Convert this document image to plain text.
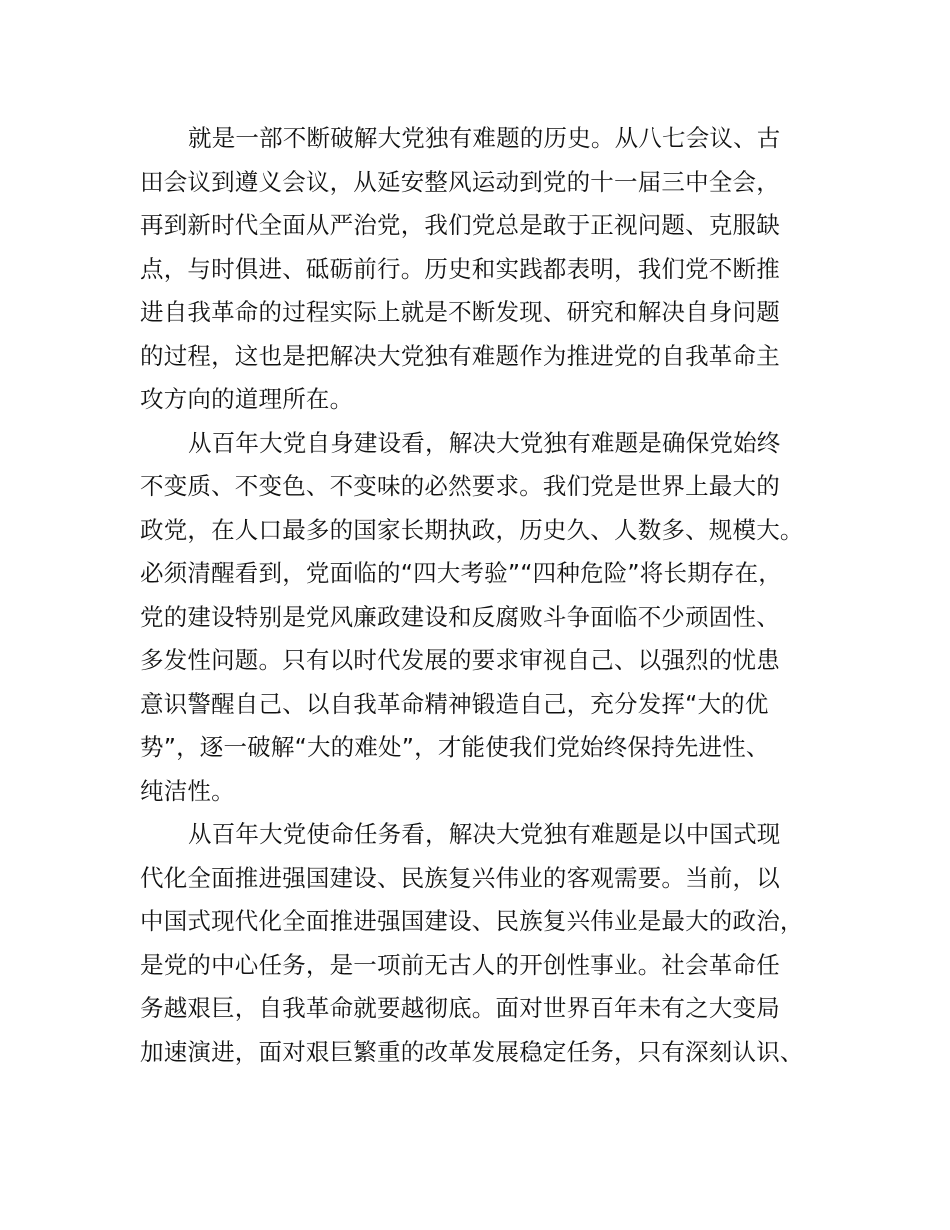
就是一部不断破解大党独有难题的历史。从八七会议、古
田会议到遵义会议，从延安整风运动到党的十一届三中全会，
再到新时代全面从严治党，我们党总是敢于正视问题、克服缺
点，与时俱进、砥砺前行。历史和实践都表明，我们党不断推
进自我革命的过程实际上就是不断发现、研究和解决自身问题
的过程，这也是把解决大党独有难题作为推进党的自我革命主
攻方向的道理所在。
从百年大党自身建设看，解决大党独有难题是确保党始终
不变质、不变色、不变味的必然要求。我们党是世界上最大的
政党，在人口最多的国家长期执政，历史久、人数多、规模大。
必须清醒看到，党面临的“四大考验”“四种危险”将长期存在，
党的建设特别是党风廉政建设和反腐败斗争面临不少顽固性、
多发性问题。只有以时代发展的要求审视自己、以强烈的忧患
意识警醒自己、以自我革命精神锻造自己，充分发挥“大的优
势”，逐一破解“大的难处”，才能使我们党始终保持先进性、
纯洁性。
从百年大党使命任务看，解决大党独有难题是以中国式现
代化全面推进强国建设、民族复兴伟业的客观需要。当前，以
中国式现代化全面推进强国建设、民族复兴伟业是最大的政治，
是党的中心任务，是一项前无古人的开创性事业。社会革命任
务越艰巨，自我革命就要越彻底。面对世界百年未有之大变局
加速演进，面对艰巨繁重的改革发展稳定任务，只有深刻认识、
